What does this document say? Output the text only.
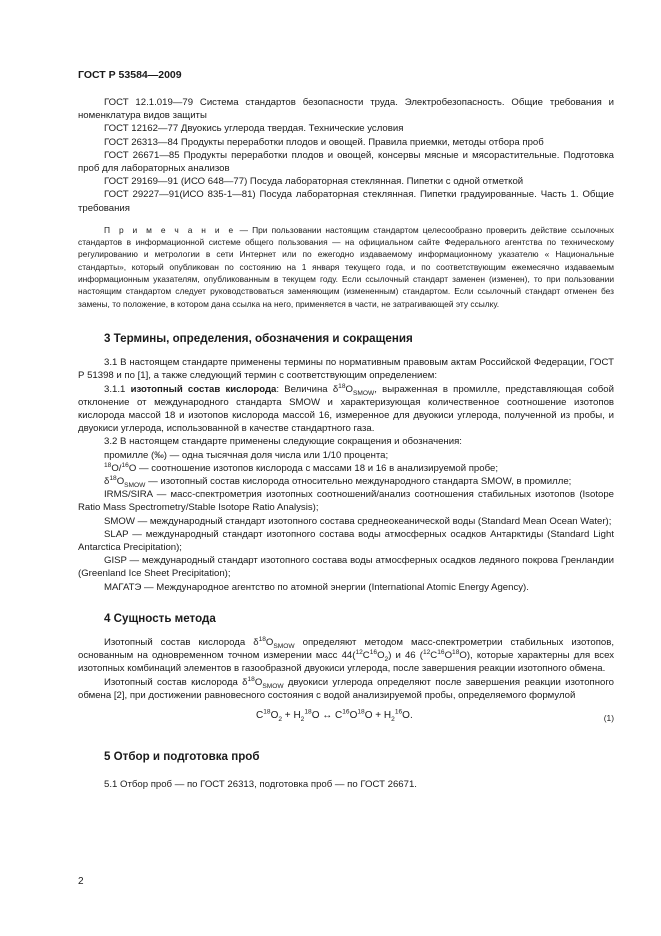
ГОСТ Р 53584—2009

ГОСТ 12.1.019—79 Система стандартов безопасности труда. Электробезопасность. Общие требования и номенклатура видов защиты

ГОСТ 12162—77 Двуокись углерода твердая. Технические условия

ГОСТ 26313—84 Продукты переработки плодов и овощей. Правила приемки, методы отбора проб

ГОСТ 26671—85 Продукты переработки плодов и овощей, консервы мясные и мясорастительные. Подготовка проб для лабораторных анализов

ГОСТ 29169—91 (ИСО 648—77) Посуда лабораторная стеклянная. Пипетки с одной отметкой

ГОСТ 29227—91(ИСО 835-1—81) Посуда лабораторная стеклянная. Пипетки градуированные. Часть 1. Общие требования

П р и м е ч а н и е — При пользовании настоящим стандартом целесообразно проверить действие ссылочных стандартов в информационной системе общего пользования — на официальном сайте Федерального агентства по техническому регулированию и метрологии в сети Интернет или по ежегодно издаваемому информационному указателю « Национальные стандарты», который опубликован по состоянию на 1 января текущего года, и по соответствующим ежемесячно издаваемым информационным указателям, опубликованным в текущем году. Если ссылочный стандарт заменен (изменен), то при пользовании настоящим стандартом следует руководствоваться заменяющим (измененным) стандартом. Если ссылочный стандарт отменен без замены, то положение, в котором дана ссылка на него, применяется в части, не затрагивающей эту ссылку.

3 Термины, определения, обозначения и сокращения

3.1 В настоящем стандарте применены термины по нормативным правовым актам Российской Федерации, ГОСТ Р 51398 и по [1], а также следующий термин с соответствующим определением:

3.1.1 изотопный состав кислорода: Величина $\delta^{18}O_{SMOW}$, выраженная в промилле, представляющая собой отклонение от международного стандарта SMOW и характеризующая количественное соотношение изотопов кислорода массой 18 и изотопов кислорода массой 16, измеренное для двуокиси углерода, полученной из пробы, и двуокиси углерода, использованной в качестве стандартного газа.

3.2 В настоящем стандарте применены следующие сокращения и обозначения:

промилле (‰) — одна тысячная доля числа или 1/10 процента;

$^{18}$O/$^{16}$O — соотношение изотопов кислорода с массами 18 и 16 в анализируемой пробе;

$\delta^{18}O_{SMOW}$ — изотопный состав кислорода относительно международного стандарта SMOW, в промилле;

IRMS/SIRA — масс-спектрометрия изотопных соотношений/анализ соотношения стабильных изотопов (Isotope Ratio Mass Spectrometry/Stable Isotope Ratio Analysis);

SMOW — международный стандарт изотопного состава среднеокеанической воды (Standard Mean Ocean Water);

SLAP — международный стандарт изотопного состава воды атмосферных осадков Антарктиды (Standard Light Antarctica Precipitation);

GISP — международный стандарт изотопного состава воды атмосферных осадков ледяного покрова Гренландии (Greenland Ice Sheet Precipitation);

МАГАТЭ — Международное агентство по атомной энергии (International Atomic Energy Agency).

4 Сущность метода

Изотопный состав кислорода $\delta^{18}O_{SMOW}$ определяют методом масс-спектрометрии стабильных изотопов, основанным на одновременном точном измерении масс $44(^{12}C^{16}O_2)$ и 46 $(^{12}C^{16}O^{18}O)$, которые характерны для всех изотопных комбинаций элементов в газообразной двуокиси углерода, после завершения реакции изотопного обмена.

Изотопный состав кислорода $\delta^{18}O_{SMOW}$ двуокиси углерода определяют после завершения реакции изотопного обмена [2], при достижении равновесного состояния с водой анализируемой пробы, определяемого формулой

$C^{18}O_2 + H_2^{18}O$ ↔ $C^{16}O^{18}O + H_2^{16}O$.	(1)
5 Отбор и подготовка проб

5.1 Отбор проб — по ГОСТ 26313, подготовка проб — по ГОСТ 26671.

2
